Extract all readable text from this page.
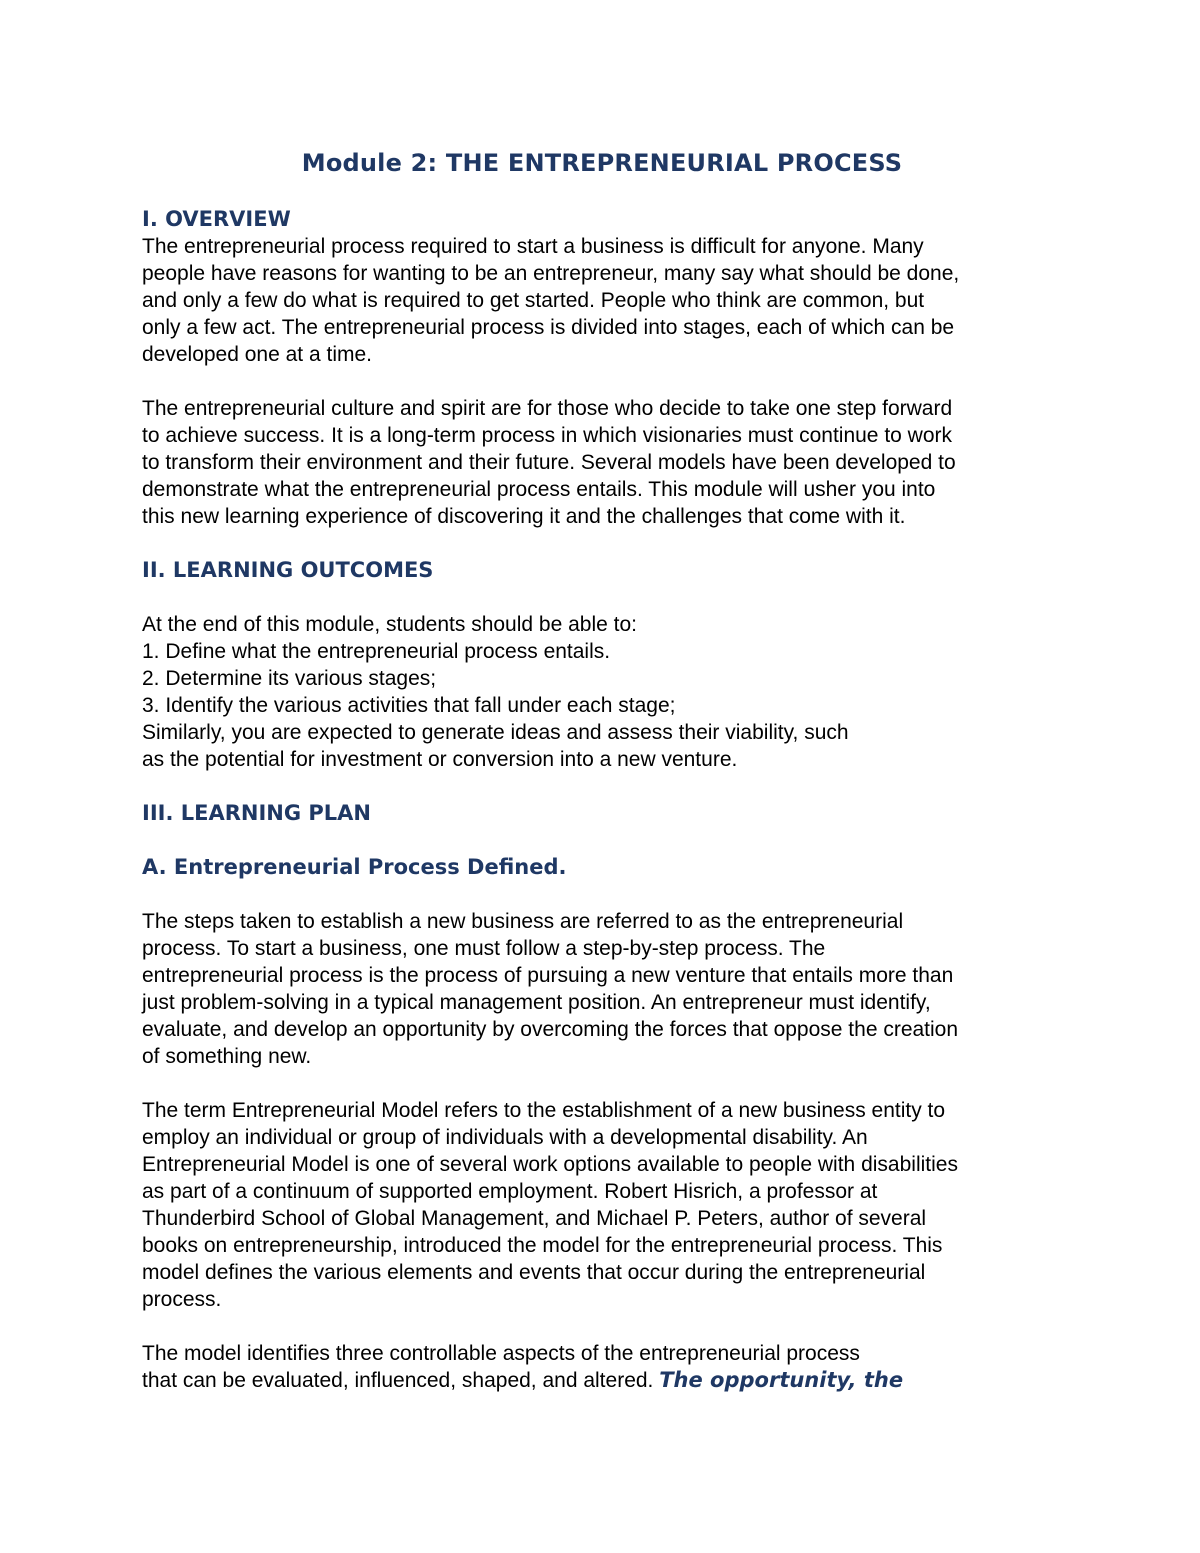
Module 2: THE ENTREPRENEURIAL PROCESS
I. OVERVIEW
The entrepreneurial process required to start a business is difficult for anyone. Many
people have reasons for wanting to be an entrepreneur, many say what should be done,
and only a few do what is required to get started. People who think are common, but
only a few act. The entrepreneurial process is divided into stages, each of which can be
developed one at a time.
The entrepreneurial culture and spirit are for those who decide to take one step forward
to achieve success. It is a long-term process in which visionaries must continue to work
to transform their environment and their future. Several models have been developed to
demonstrate what the entrepreneurial process entails. This module will usher you into
this new learning experience of discovering it and the challenges that come with it.
II. LEARNING OUTCOMES
At the end of this module, students should be able to:
1. Define what the entrepreneurial process entails.
2. Determine its various stages;
3. Identify the various activities that fall under each stage;
Similarly, you are expected to generate ideas and assess their viability, such
as the potential for investment or conversion into a new venture.
III. LEARNING PLAN
A. Entrepreneurial Process Defined.
The steps taken to establish a new business are referred to as the entrepreneurial
process. To start a business, one must follow a step-by-step process. The
entrepreneurial process is the process of pursuing a new venture that entails more than
just problem-solving in a typical management position. An entrepreneur must identify,
evaluate, and develop an opportunity by overcoming the forces that oppose the creation
of something new.
The term Entrepreneurial Model refers to the establishment of a new business entity to
employ an individual or group of individuals with a developmental disability. An
Entrepreneurial Model is one of several work options available to people with disabilities
as part of a continuum of supported employment. Robert Hisrich, a professor at
Thunderbird School of Global Management, and Michael P. Peters, author of several
books on entrepreneurship, introduced the model for the entrepreneurial process. This
model defines the various elements and events that occur during the entrepreneurial
process.
The model identifies three controllable aspects of the entrepreneurial process
that can be evaluated, influenced, shaped, and altered. The opportunity, the
